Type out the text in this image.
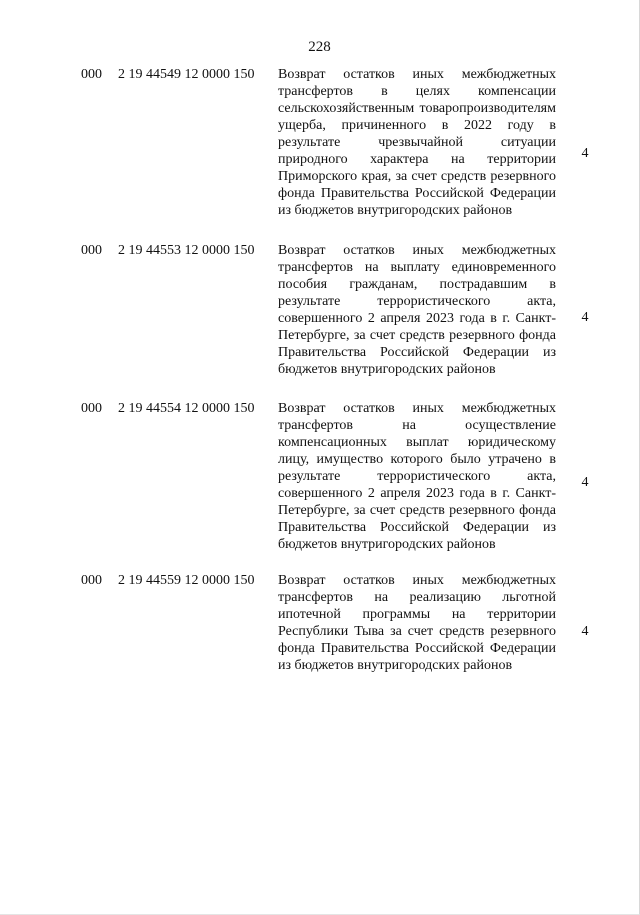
228
000 2 19 44549 12 0000 150 Возврат остатков иных межбюджетных трансфертов в целях компенсации сельскохозяйственным товаропроизводителям ущерба, причиненного в 2022 году в результате чрезвычайной ситуации природного характера на территории Приморского края, за счет средств резервного фонда Правительства Российской Федерации из бюджетов внутригородских районов
4
000 2 19 44553 12 0000 150 Возврат остатков иных межбюджетных трансфертов на выплату единовременного пособия гражданам, пострадавшим в результате террористического акта, совершенного 2 апреля 2023 года в г. Санкт-Петербурге, за счет средств резервного фонда Правительства Российской Федерации из бюджетов внутригородских районов
4
000 2 19 44554 12 0000 150 Возврат остатков иных межбюджетных трансфертов на осуществление компенсационных выплат юридическому лицу, имущество которого было утрачено в результате террористического акта, совершенного 2 апреля 2023 года в г. Санкт-Петербурге, за счет средств резервного фонда Правительства Российской Федерации из бюджетов внутригородских районов
4
000 2 19 44559 12 0000 150 Возврат остатков иных межбюджетных трансфертов на реализацию льготной ипотечной программы на территории Республики Тыва за счет средств резервного фонда Правительства Российской Федерации из бюджетов внутригородских районов
4
